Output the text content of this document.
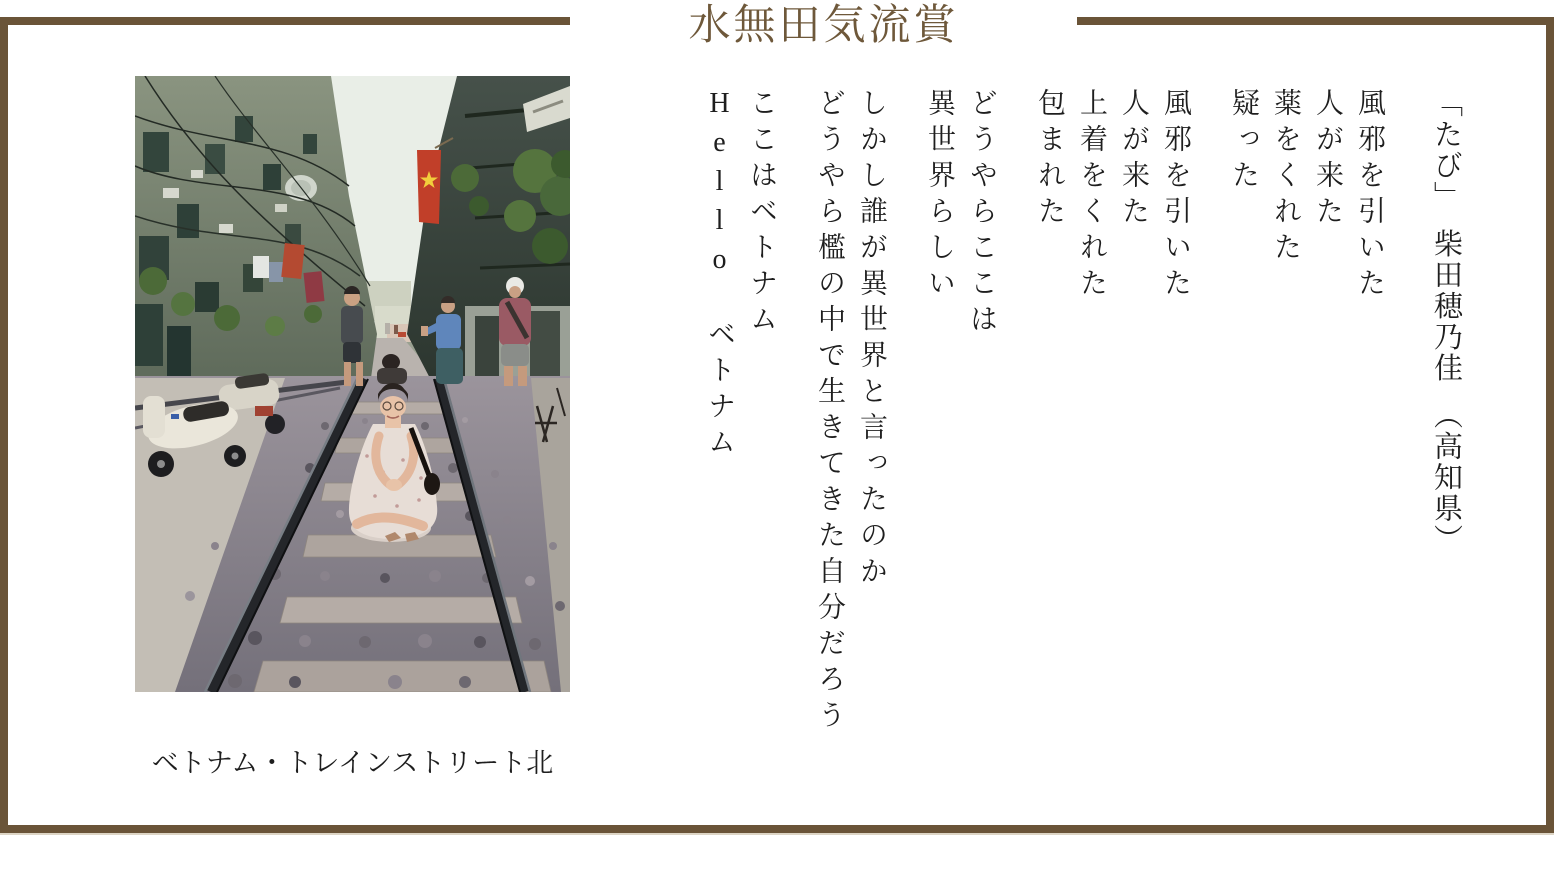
水無田気流賞
ベトナム・トレインストリート北
「たび」　柴田穂乃佳　（高知県）

風邪を引いた

人が来た

薬をくれた

疑った

風邪を引いた

人が来た

上着をくれた

包まれた

どうやらここは

異世界らしい

しかし誰が異世界と言ったのか

どうやら檻の中で生きてきた自分だろう

ここはベトナム

Hello　ベトナム
